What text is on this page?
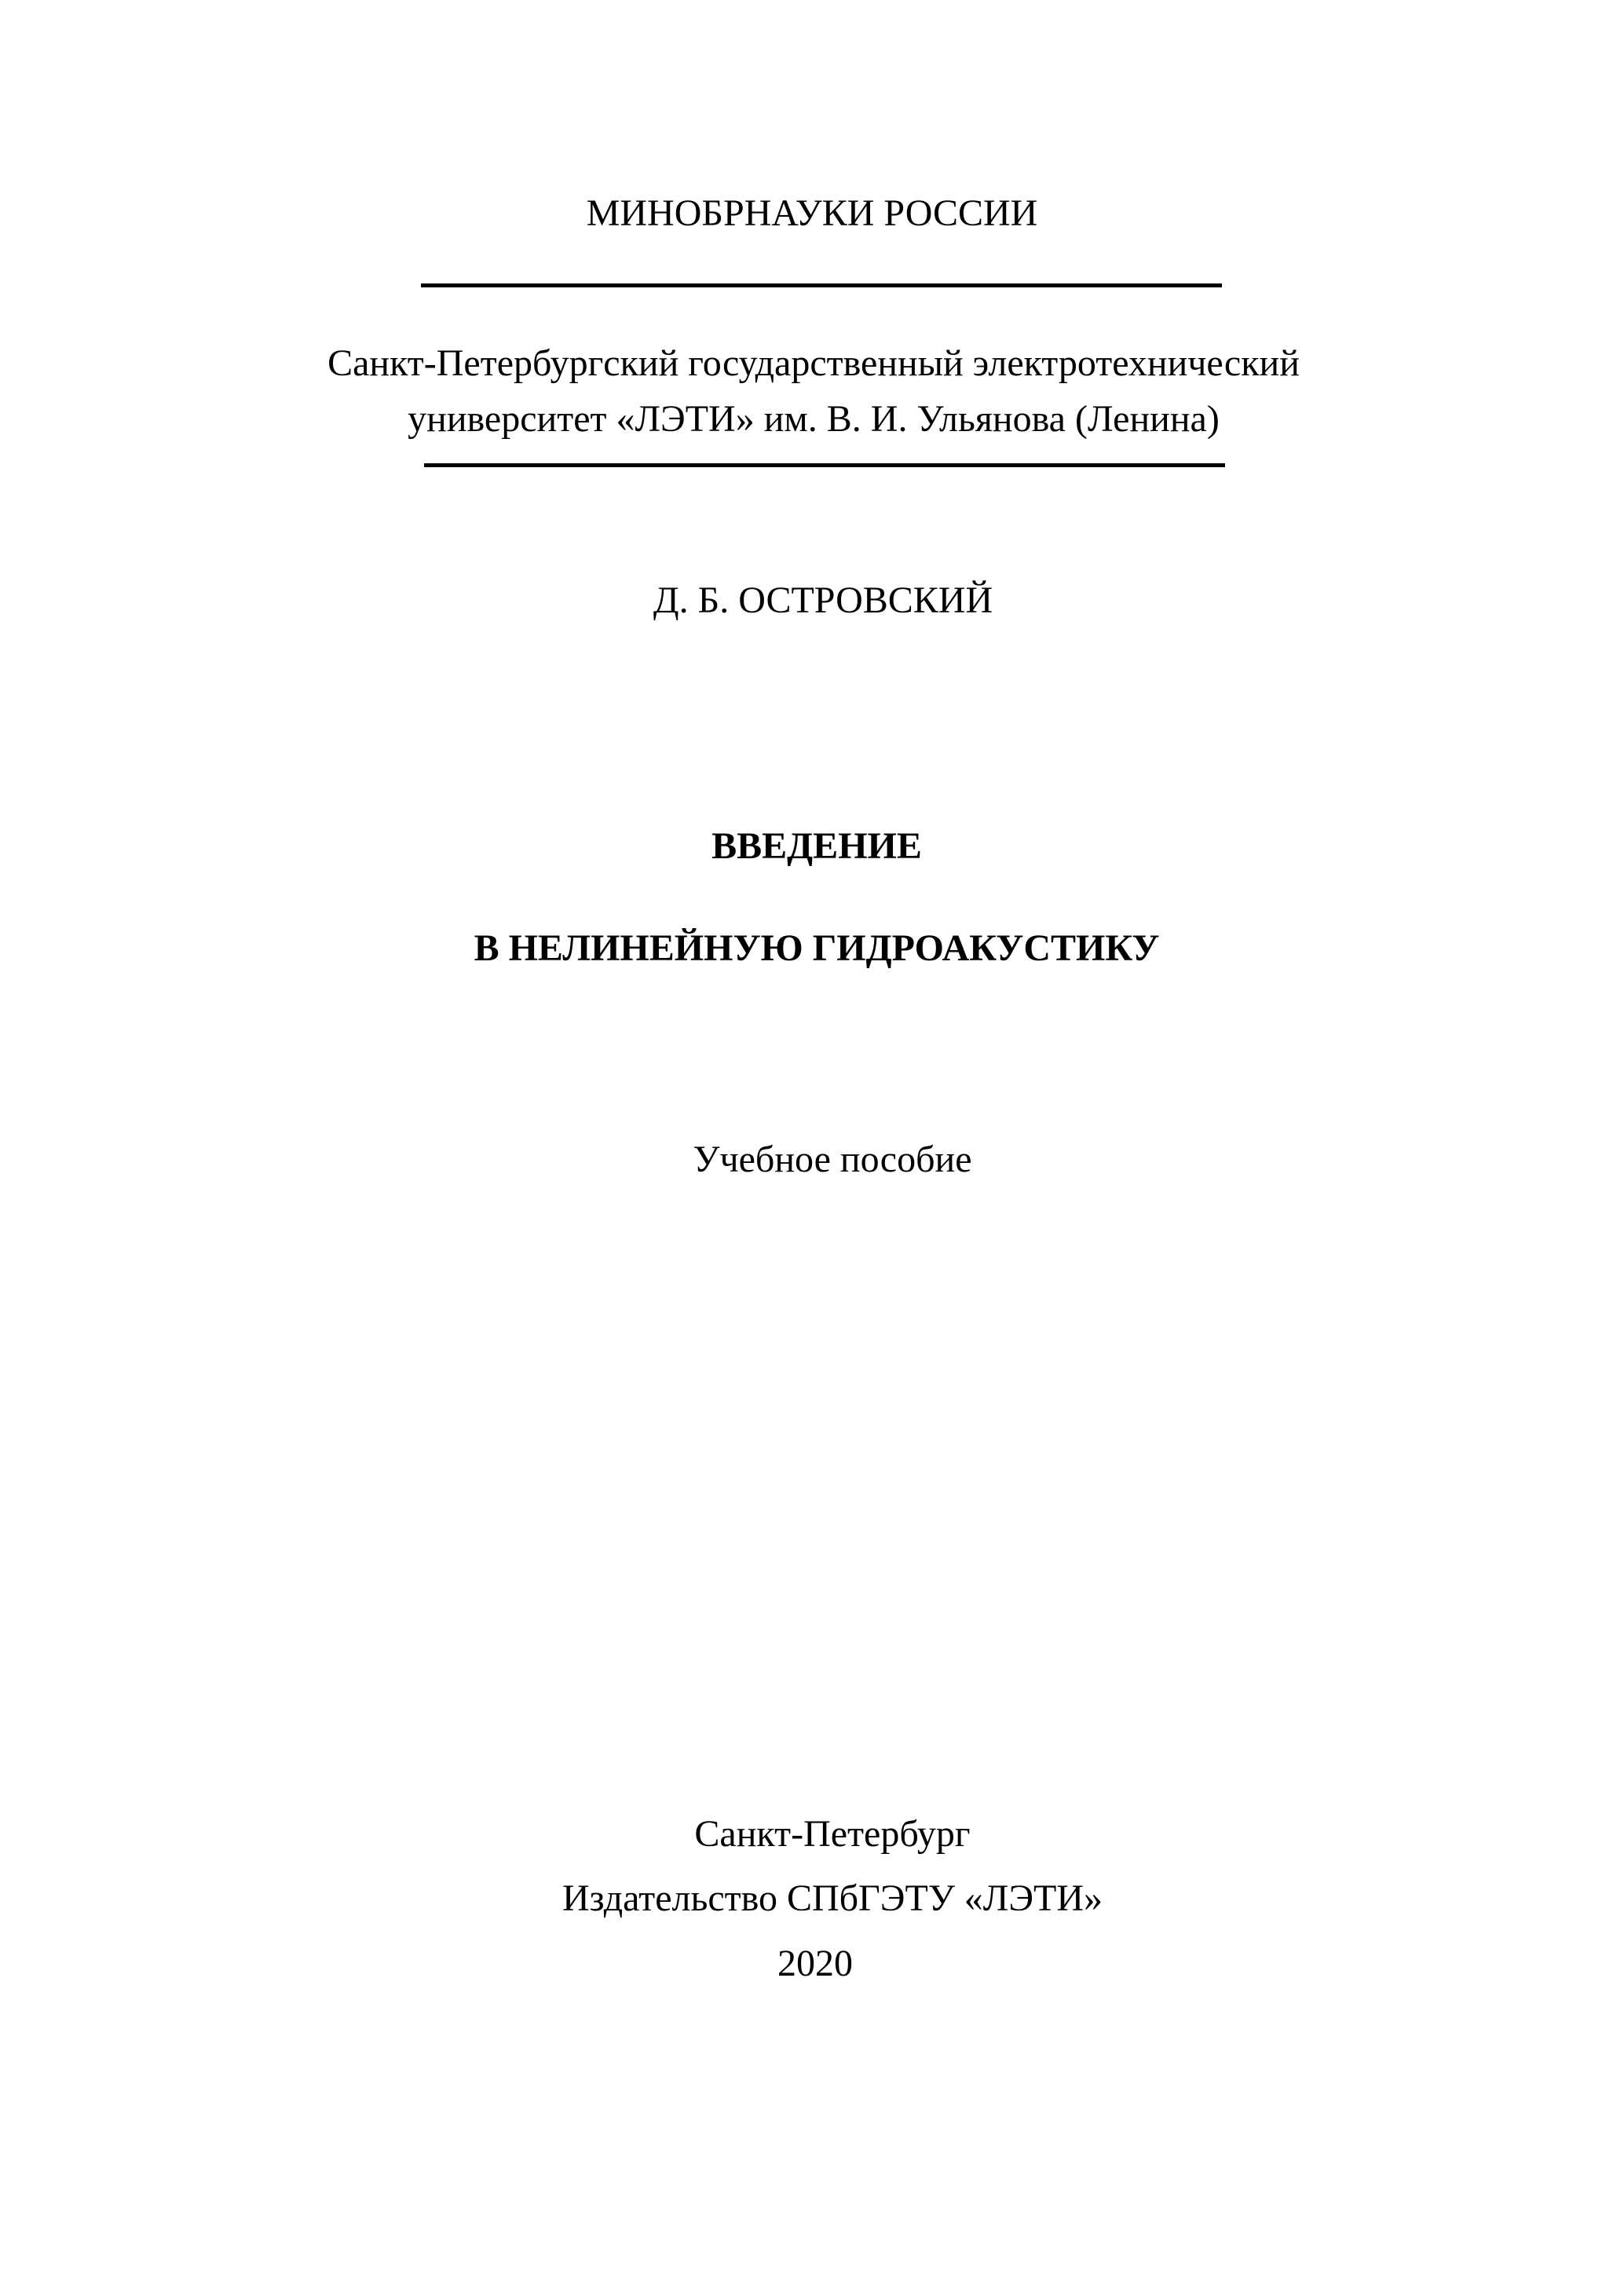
МИНОБРНАУКИ РОССИИ
Санкт-Петербургский государственный электротехнический
университет «ЛЭТИ» им. В. И. Ульянова (Ленина)
Д. Б. ОСТРОВСКИЙ
ВВЕДЕНИЕ
В НЕЛИНЕЙНУЮ ГИДРОАКУСТИКУ
Учебное пособие
Санкт-Петербург
Издательство СПбГЭТУ «ЛЭТИ»
2020
